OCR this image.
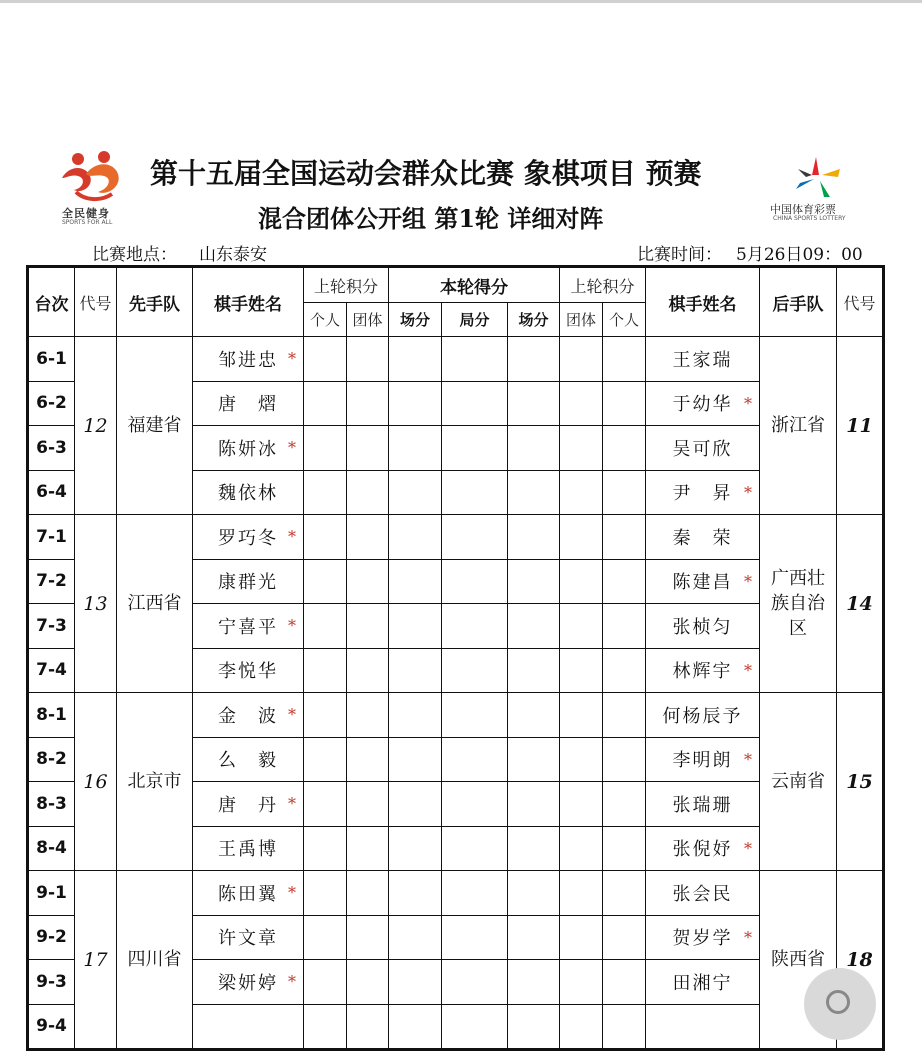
全民健身
SPORTS FOR ALL
中国体育彩票
CHINA SPORTS LOTTERY
第十五届全国运动会群众比赛 象棋项目 预赛
混合团体公开组 第1轮 详细对阵
比赛地点： 山东泰安	比赛时间： 5月26日09：00
台次	代号	先手队	棋手姓名	上轮积分		本轮得分			上轮积分		棋手姓名	后手队	代号
				个人	团体	场分	局分	场分	团体	个人			
6-1	12	福建省	邹进忠 *								王家瑞	浙江省	11
6-2			唐　熠								于幼华 *		

6-3			陈妍冰 *								吴可欣		

6-4			魏依林								尹　昇 *		

7-1	13	江西省	罗巧冬 *								秦　荣	广西壮族自治区	14
7-2			康群光								陈建昌 *		

7-3			宁喜平 *								张桢匀		

7-4			李悦华								林辉宇 *		

8-1	16	北京市	金　波 *								何杨辰予	云南省	15
8-2			么　毅								李明朗 *		

8-3			唐　丹 *								张瑞珊		

8-4			王禹博								张倪妤 *		

9-1	17	四川省	陈田翼 *								张会民	陕西省	18
9-2			许文章								贺岁学 *		

9-3			梁妍婷 *								田湘宁		

9-4					
